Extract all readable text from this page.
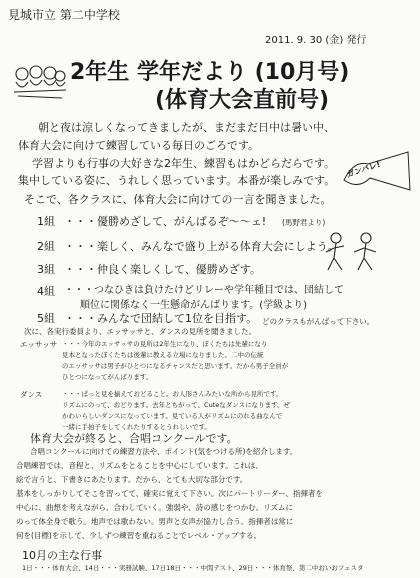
見城市立 第二中学校
2011. 9. 30 (金) 発行
2年生 学年だより (10月号)
(体育大会直前号)
朝と夜は涼しくなってきましたが、まだまだ日中は暑い中、
体育大会に向けて練習している毎日のごろです。
学習よりも行事の大好きな2年生、練習もはかどらだらです。
集中している姿に、うれしく思っています。本番が楽しみです。
そこで、各クラスに、体育大会に向けての一言を聞きました。
ガンバレ!
1組 ・・・優勝めざして、がんばるぞ〜〜ェ! (馬野君より)
2組 ・・・楽しく、みんなで盛り上がる体育大会にしよう。
3組 ・・・仲良く楽しくして、優勝めざす。
4組 ・・・つなひきは負けたけどリレーや学年種目では、団結して
順位に関係なく一生懸命がんばります。(学級より)
5組 ・・・みんなで団結して1位を目指す。 どのクラスもがんばって下さい。
次に、各実行委員より、エッサッサと、ダンスの見所を聞きました。
エッサッサ ・・・今年のエッサッサの見所は2年生になり、ぼくたちは先輩になり
見本となったぼくたちは後輩に教える立場になりました。二中の伝統
のエッサッサは男子がひとつになるチャンスだと思います。だから男子全員が
ひとつになってがんばります。
ダンス	・・・ぱっと見を揃えておどること。お人形さんみたいな所から見所です。
リズムにのって、おどります。去年とちがって、Cuteなダンスになります。ぜ
かわいらしいダンスになっています。見ている人がリズムにのれる曲なんで
一緒に手拍子をしてくれたりするとうれしいです。
体育大会が終ると、合唱コンクールです。
合唱コンクールに向けての練習方法や、ポイント(気をつける所)を紹介します。
合唱練習では、音程と、リズムをとることを中心にしています。これは、
絵で言うと、下書きにあたります。だから、とても大切な部分です。
基本をしっかりしてそこを習ってて、確実に覚えて下さい。次にパートリーダー、指揮者を
中心に、曲想を考えながら、合わしていく。強弱や、詩の感じをつかむ。リズムに
のって体全身で歌う。地声では歌わない。男声と女声が協力し合う。指揮者は常に
何を(目標)を示して、少しずつ練習を重ねることでレベル・アップする。
10月の主な行事
1日・・・体育大会、14日・・・実務試験、17日18日・・・中間テスト、29日・・・体育祭、第二中おいおフェスタ
